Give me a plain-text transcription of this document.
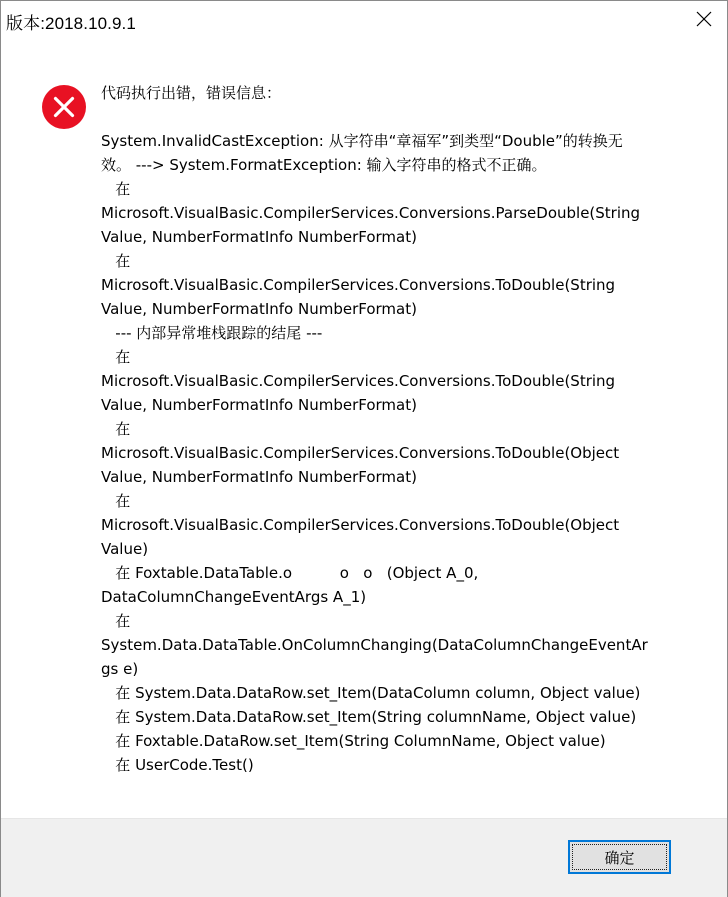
版本:2018.10.9.1
代码执行出错，错误信息：
System.InvalidCastException: 从字符串“章福军”到类型“Double”的转换无
效。 ---> System.FormatException: 输入字符串的格式不正确。
在
Microsoft.VisualBasic.CompilerServices.Conversions.ParseDouble(String
Value, NumberFormatInfo NumberFormat)
在
Microsoft.VisualBasic.CompilerServices.Conversions.ToDouble(String
Value, NumberFormatInfo NumberFormat)
--- 内部异常堆栈跟踪的结尾 ---
在
Microsoft.VisualBasic.CompilerServices.Conversions.ToDouble(String
Value, NumberFormatInfo NumberFormat)
在
Microsoft.VisualBasic.CompilerServices.Conversions.ToDouble(Object
Value, NumberFormatInfo NumberFormat)
在
Microsoft.VisualBasic.CompilerServices.Conversions.ToDouble(Object
Value)
在 Foxtable.DataTable.o          o   o   (Object A_0,
DataColumnChangeEventArgs A_1)
在
System.Data.DataTable.OnColumnChanging(DataColumnChangeEventAr
gs e)
在 System.Data.DataRow.set_Item(DataColumn column, Object value)
在 System.Data.DataRow.set_Item(String columnName, Object value)
在 Foxtable.DataRow.set_Item(String ColumnName, Object value)
在 UserCode.Test()
确定
